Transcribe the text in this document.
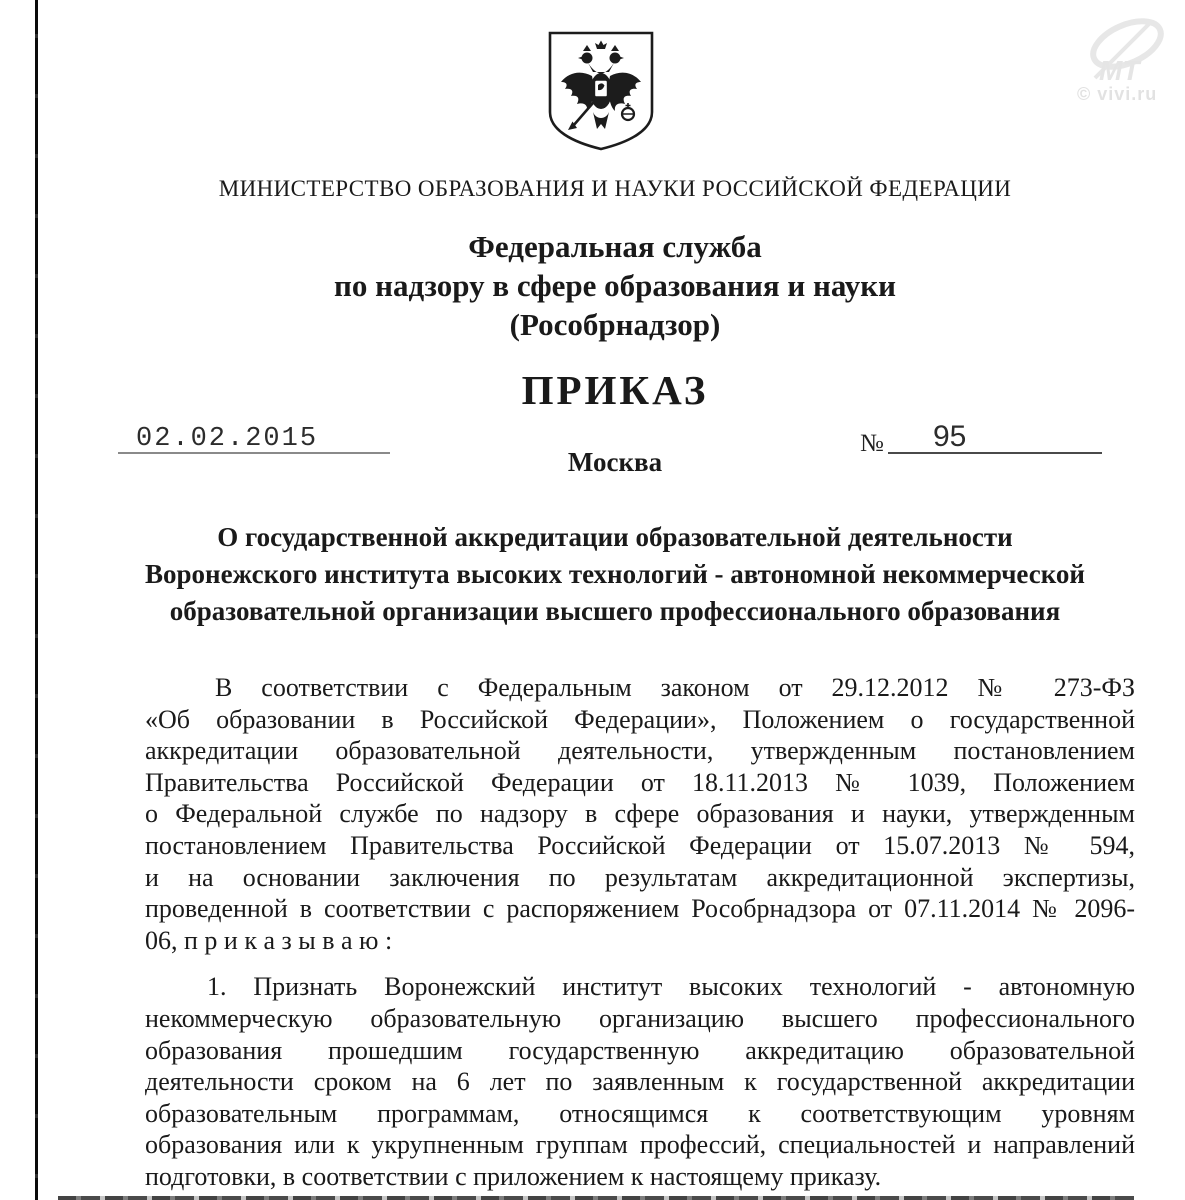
МТ
© vivi.ru
МИНИСТЕРСТВО ОБРАЗОВАНИЯ И НАУКИ РОССИЙСКОЙ ФЕДЕРАЦИИ
Федеральная служба
по надзору в сфере образования и науки
(Рособрнадзор)
ПРИКАЗ
Москва
О государственной аккредитации образовательной деятельности
Воронежского института высоких технологий - автономной некоммерческой
образовательной организации высшего профессионального образования
02.02.2015	№	95
В соответствии с Федеральным законом от 29.12.2012 № 273-ФЗ
«Об образовании в Российской Федерации», Положением о государственной
аккредитации образовательной деятельности, утвержденным постановлением
Правительства Российской Федерации от 18.11.2013 № 1039, Положением
о Федеральной службе по надзору в сфере образования и науки, утвержденным
постановлением Правительства Российской Федерации от 15.07.2013 № 594,
и на основании заключения по результатам аккредитационной экспертизы,
проведенной в соответствии с распоряжением Рособрнадзора от 07.11.2014 № 2096-
06, п р и к а з ы в а ю :
1. Признать Воронежский институт высоких технологий - автономную
некоммерческую образовательную организацию высшего профессионального
образования прошедшим государственную аккредитацию образовательной
деятельности сроком на 6 лет по заявленным к государственной аккредитации
образовательным программам, относящимся к соответствующим уровням
образования или к укрупненным группам профессий, специальностей и направлений
подготовки, в соответствии с приложением к настоящему приказу.
